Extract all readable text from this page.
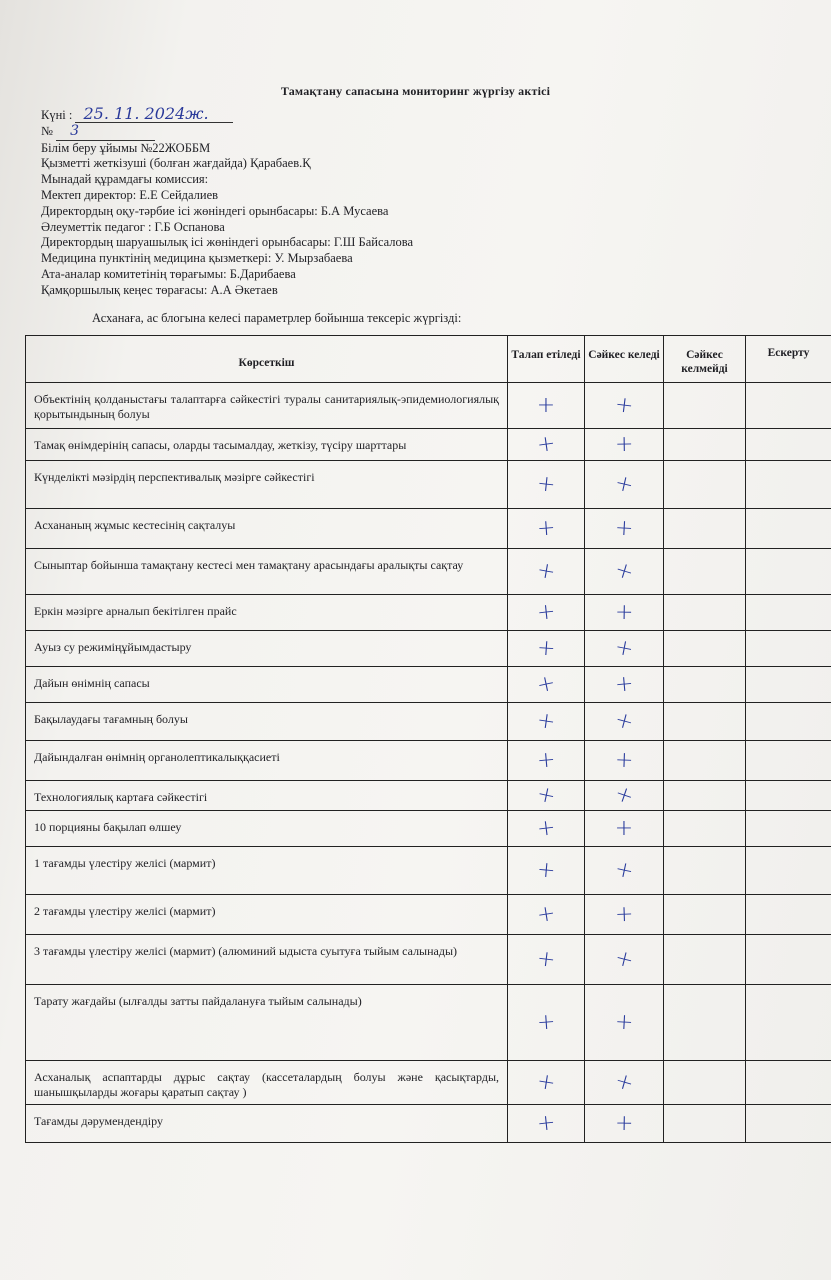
Тамақтану сапасына мониторинг жүргізу актісі
Күні : 25. 11. 2024ж.
№ 3
Білім беру ұйымы №22ЖОББМ
Қызметті жеткізуші (болған жағдайда) Қарабаев.Қ
Мынадай құрамдағы комиссия:
Мектеп директор: Е.Е Сейдалиев
Директордың оқу-тәрбие ісі жөніндегі орынбасары: Б.А Мусаева
Әлеуметтік педагог : Г.Б Оспанова
Директордың шаруашылық ісі жөніндегі орынбасары: Г.Ш Байсалова
Медицина пунктінің медицина қызметкері: У. Мырзабаева
Ата-аналар комитетінің төрағымы: Б.Дарибаева
Қамқоршылық кеңес төрағасы: А.А Әкетаев
Асханаға, ас блогына келесі параметрлер бойынша тексеріс жүргізді:
Көрсеткіш	Талап етіледі	Сәйкес келеді	Сәйкес келмейді	Ескерту
Объектінің қолданыстағы талаптарға сәйкестігі туралы санитариялық-эпидемиологиялық қорытындының болуы	+	+		
Тамақ өнімдерінің сапасы, оларды тасымалдау, жеткізу, түсіру шарттары	+	+		
Күнделікті мәзірдің перспективалық мәзірге сәйкестігі	+	+		
Асхананың жұмыс кестесінің сақталуы	+	+		
Сыныптар бойынша тамақтану кестесі мен тамақтану арасындағы аралықты сақтау	+	+		
Еркін мәзірге арналып бекітілген прайс	+	+		
Ауыз су режиміңұйымдастыру	+	+		
Дайын өнімнің сапасы	+	+		
Бақылаудағы тағамның болуы	+	+		
Дайындалған өнімнің органолептикалыққасиеті	+	+		
Технологиялық картаға сәйкестігі	+	+		
10 порцияны бақылап өлшеу	+	+		
1 тағамды үлестіру желісі (мармит)	+	+		
2 тағамды үлестіру желісі (мармит)	+	+		
3 тағамды үлестіру желісі (мармит) (алюминий ыдыста суытуға тыйым салынады)	+	+		
Тарату жағдайы (ылғалды затты пайдалануға тыйым салынады)	+	+		
Асханалық аспаптарды дұрыс сақтау (кассеталардың болуы және қасықтарды, шанышқыларды жоғары қаратып сақтау )	+	+		
Тағамды дәрумендендіру	+	+		
